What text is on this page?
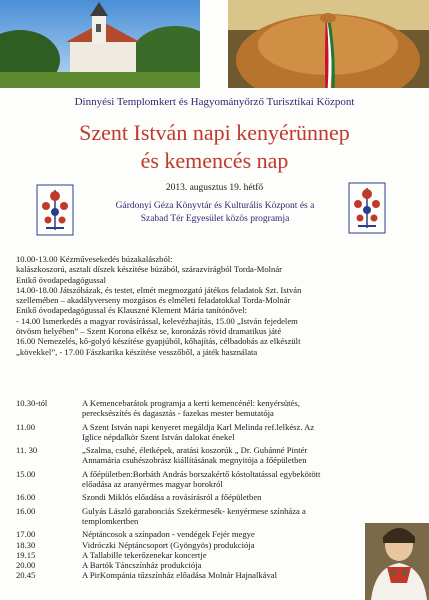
Dinnyési Templomkert és Hagyományőrző Turisztikai Központ
Szent István napi kenyérünnep
és kemencés nap
2013. augusztus 19. hétfő
Gárdonyi Géza Könyvtár és Kulturális Központ és a
Szabad Tér Egyesület közös programja
10.00-13.00 Kézművesekedés búzakalászból:
kalászkoszorú, asztali díszek készítése búzából, szárazvirágból Torda-Molnár
Enikő óvodapedagógussal
14.00-18.00 Játszóházak, és testet, elmét megmozgató játékos feladatok Szt. István
szellemében – akadályverseny mozgásos és elméleti feladatokkal Torda-Molnár
Enikő óvodapedagógussal és Klauszné Klement Mária tanítónővel:
- 14.00 Ismerkedés a magyar rovásírással, kelevézhajítás, 15.00 „István fejedelem
ötvösm helyében” – Szent Korona elkész se, koronázás rövid dramatikus játé
16.00 Nemezelés, kő-golyó készítése gyapjúból, kőhajítás, célbadobás az elkészült
„kövekkel”, - 17.00 Fászkarika készítése vesszőből, a játék használata
10.30-tól	A Kemencebarátok programja a kerti kemencénél: kenyérsütés,
perecksészítés és dagasztás - fazekas mester bemutatója
11.00	A Szent István napi kenyeret megáldja Karl Melinda ref.lelkész. Az
Iglice népdalkör Szent István dalokat énekel
11. 30	„Szalma, csuhé, életképek, aratási koszorúk „ Dr. Gubánné Pintér
Annamária csuhészobrász kiállításának megnyitója a főépületben
15.00	A főépületben:Borbáth András borszakértő kóstoltatással egybekötött
előadása az aranyérmes magyar borokról
16.00	Szondi Miklós előadása a rovásírásról a főépületben
16.00	Gulyás László garabonciás Szekérmesék- kenyérmese színháza a
templomkertben
17.00	Néptáncosok a színpadon - vendégek Fejér megye
18.30	Vidróczki Néptáncsoport (Gyöngyös) produkciója
19.15	A Tallabille tekerőzenekar koncertje
20.00	A Bartók Táncszínház produkciója
20.45	A PirKompánia tűzszínház előadása Molnár Hajnalkával
